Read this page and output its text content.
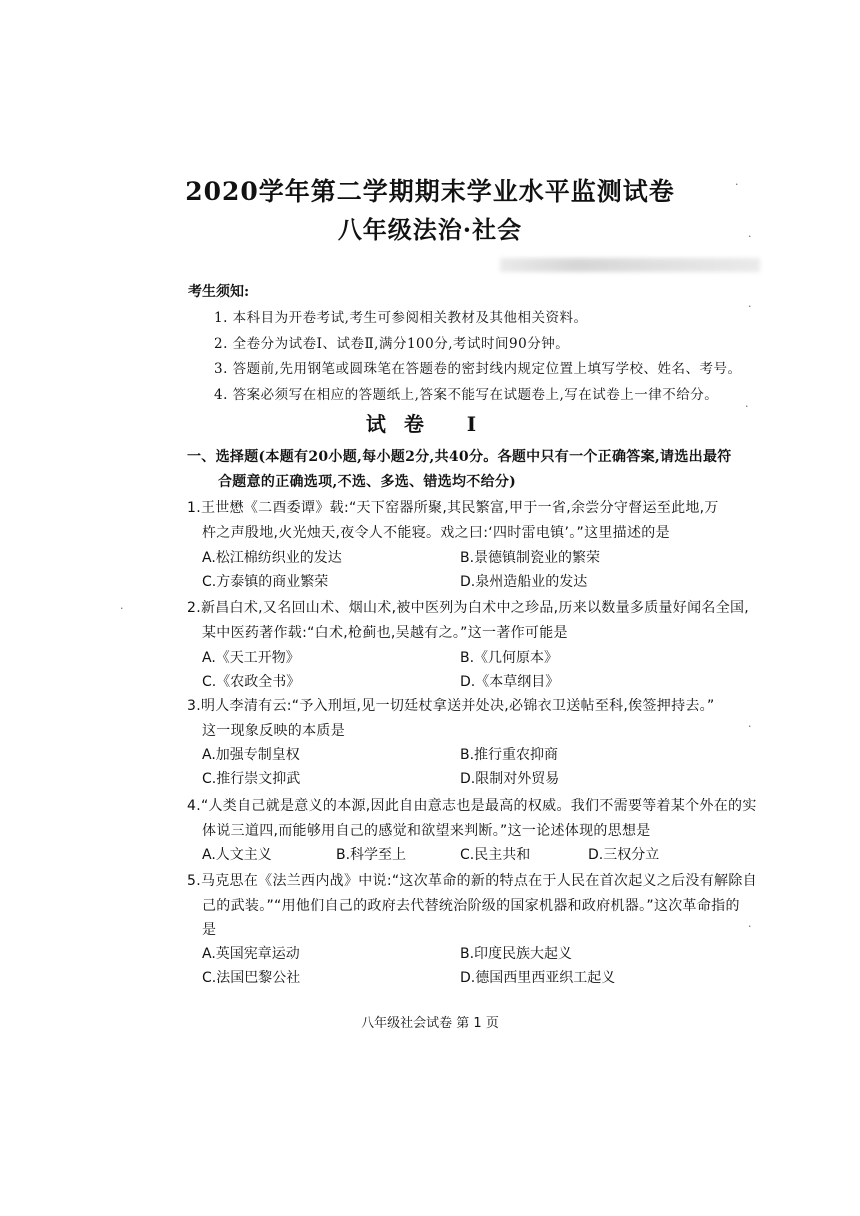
2020学年第二学期期末学业水平监测试卷
八年级法治·社会
考生须知:
1. 本科目为开卷考试,考生可参阅相关教材及其他相关资料。
2. 全卷分为试卷Ⅰ、试卷Ⅱ,满分100分,考试时间90分钟。
3. 答题前,先用钢笔或圆珠笔在答题卷的密封线内规定位置上填写学校、姓名、考号。
4. 答案必须写在相应的答题纸上,答案不能写在试题卷上,写在试卷上一律不给分。
试卷 I
一、选择题(本题有20小题,每小题2分,共40分。各题中只有一个正确答案,请选出最符
合题意的正确选项,不选、多选、错选均不给分)
1.王世懋《二酉委谭》载:“天下窑器所聚,其民繁富,甲于一省,余尝分守督运至此地,万
杵之声殷地,火光烛天,夜令人不能寝。戏之曰:‘四时雷电镇’。”这里描述的是
A.松江棉纺织业的发达	B.景德镇制瓷业的繁荣
C.方泰镇的商业繁荣	D.泉州造船业的发达
2.新昌白术,又名回山术、烟山术,被中医列为白术中之珍品,历来以数量多质量好闻名全国,
某中医药著作载:“白术,枪蓟也,吴越有之。”这一著作可能是
A.《天工开物》	B.《几何原本》
C.《农政全书》	D.《本草纲目》
3.明人李清有云:“予入刑垣,见一切廷杖拿送并处决,必锦衣卫送帖至科,俟签押持去。”
这一现象反映的本质是
A.加强专制皇权	B.推行重农抑商
C.推行崇文抑武	D.限制对外贸易
4.“人类自己就是意义的本源,因此自由意志也是最高的权威。我们不需要等着某个外在的实
体说三道四,而能够用自己的感觉和欲望来判断。”这一论述体现的思想是
A.人文主义	B.科学至上	C.民主共和	D.三权分立
5.马克思在《法兰西内战》中说:“这次革命的新的特点在于人民在首次起义之后没有解除自
己的武装。”“用他们自己的政府去代替统治阶级的国家机器和政府机器。”这次革命指的
是
A.英国宪章运动	B.印度民族大起义
C.法国巴黎公社	D.德国西里西亚织工起义
八年级社会试卷 第 1 页
·
·
·
·
·
·
·
